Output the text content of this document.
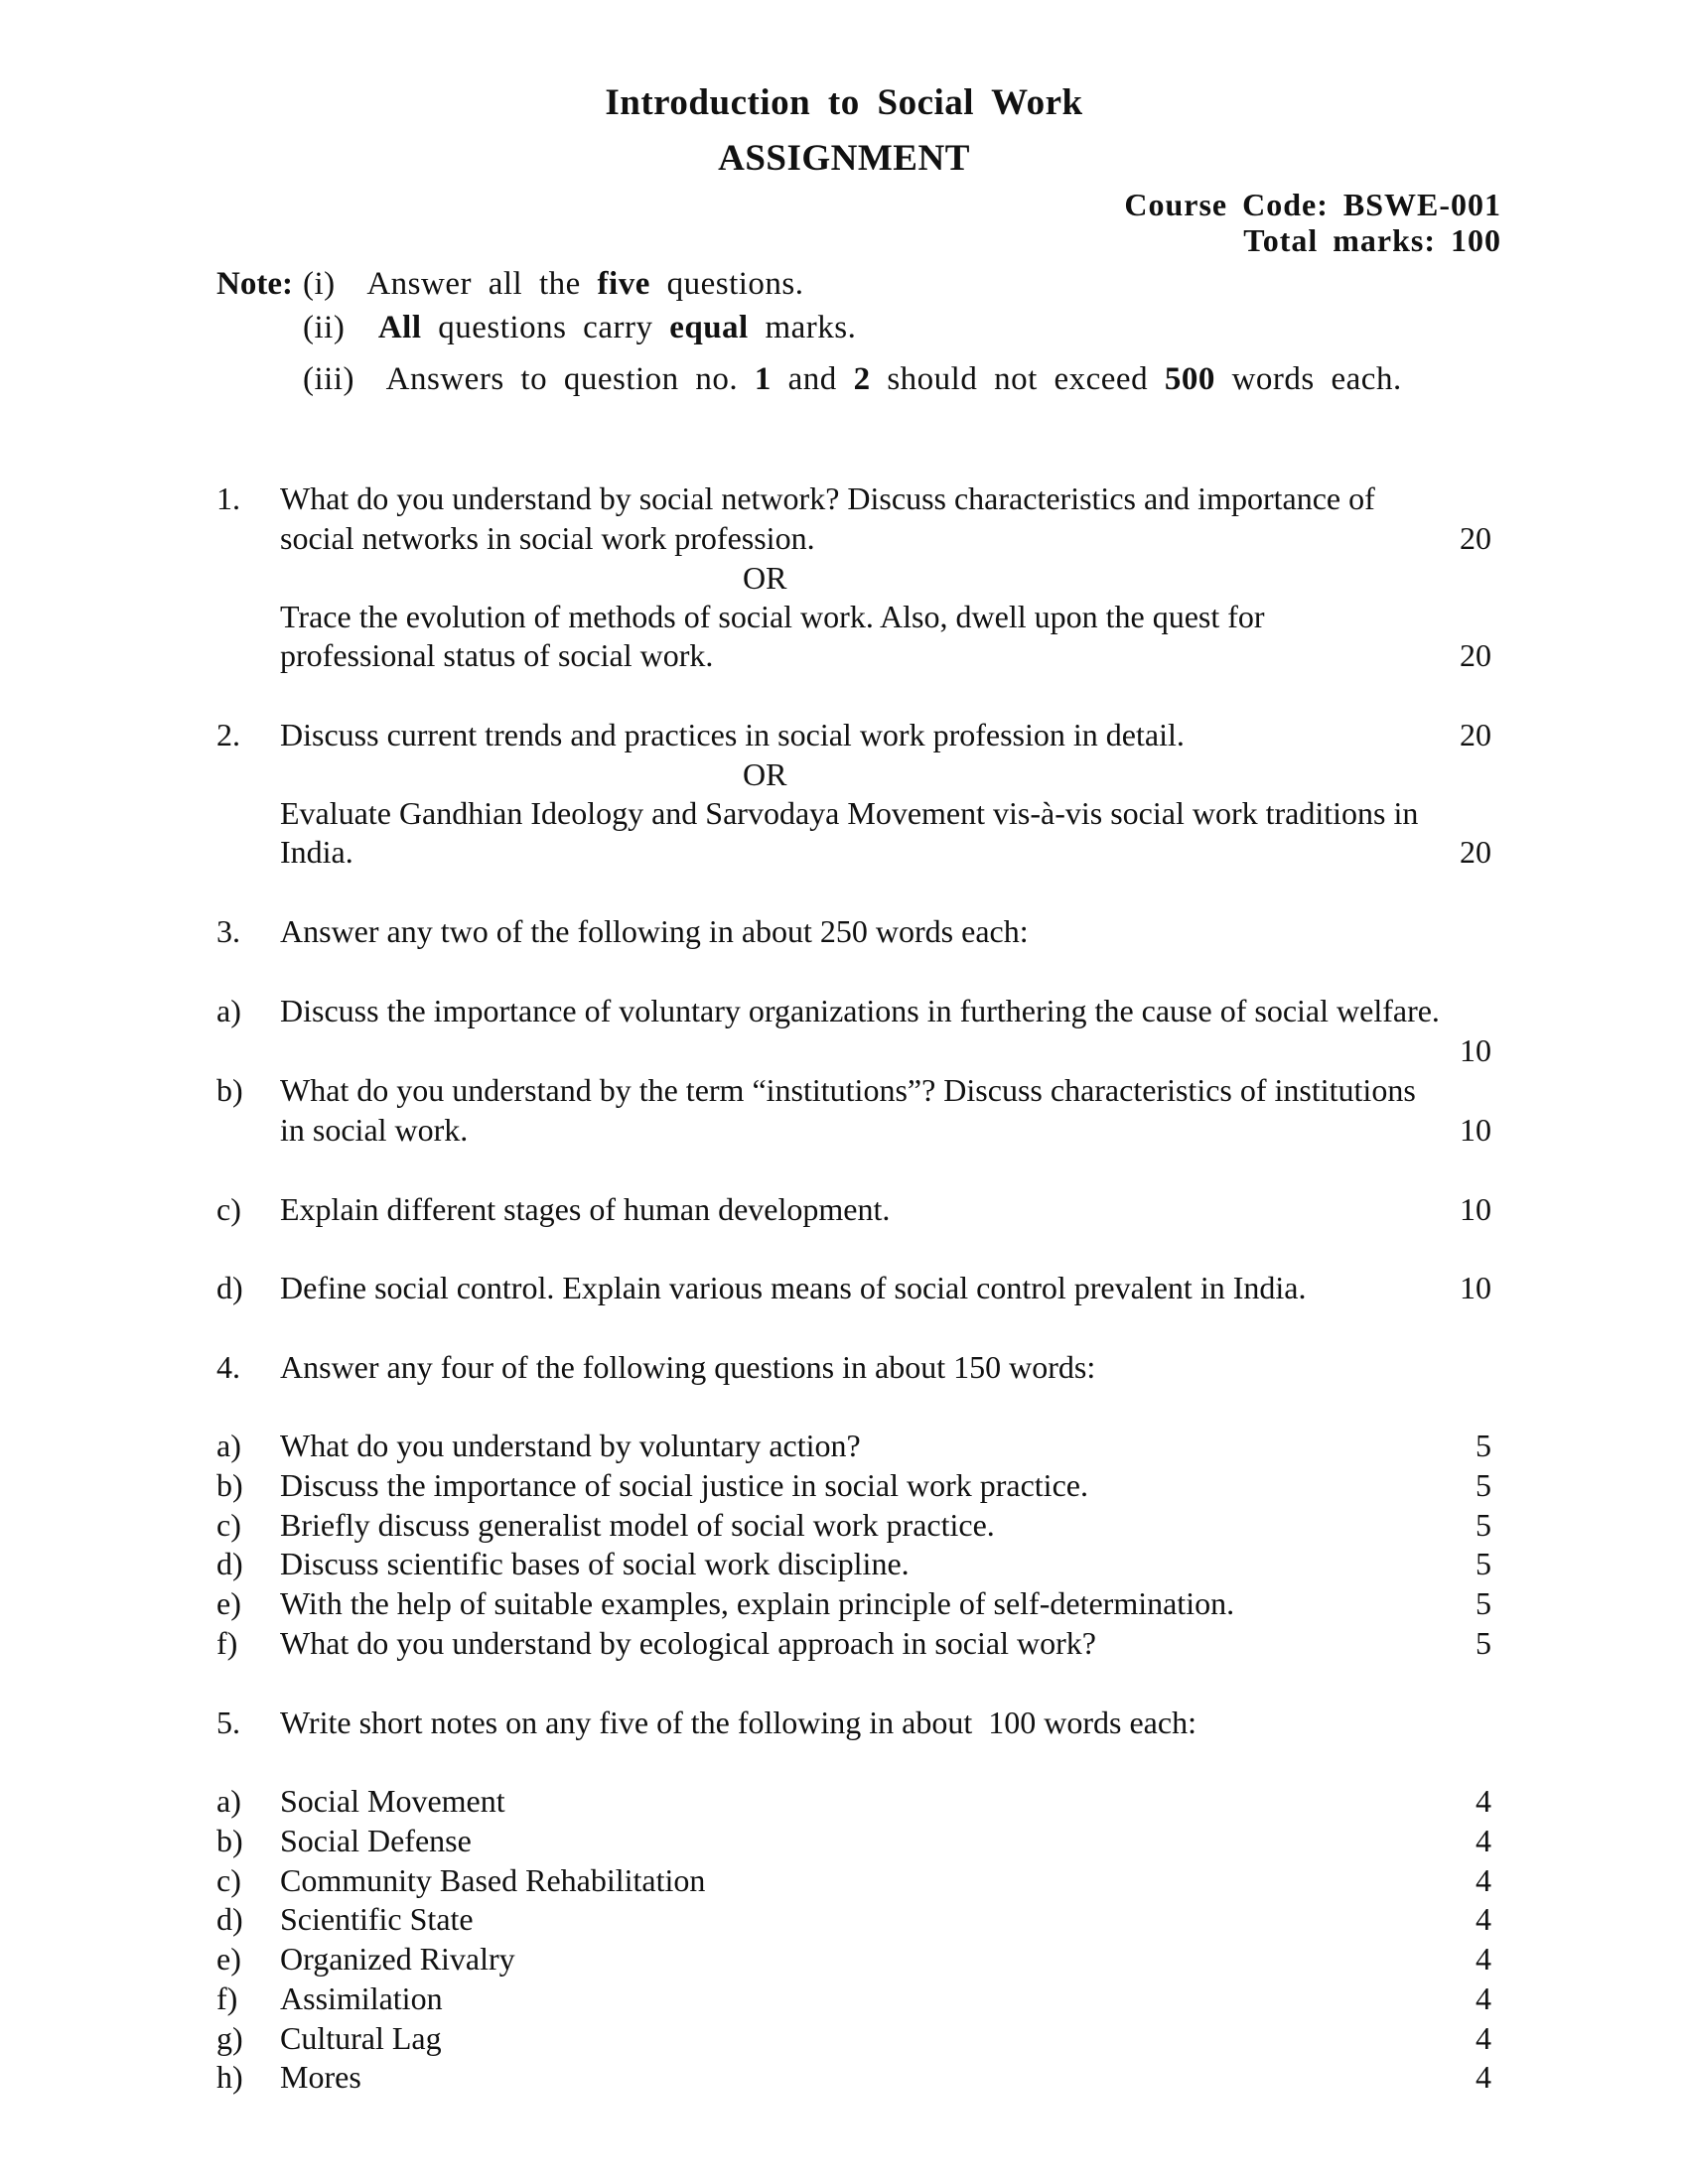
Introduction to Social Work
ASSIGNMENT
Course Code: BSWE-001
Total marks: 100
Note: (i) Answer all the five questions.
(ii) All questions carry equal marks.
(iii) Answers to question no. 1 and 2 should not exceed 500 words each.
1. What do you understand by social network? Discuss characteristics and importance of
social networks in social work profession.	20
OR
Trace the evolution of methods of social work. Also, dwell upon the quest for
professional status of social work.	20
2. Discuss current trends and practices in social work profession in detail.	20
OR
Evaluate Gandhian Ideology and Sarvodaya Movement vis-à-vis social work traditions in
India.	20
3. Answer any two of the following in about 250 words each:
a) Discuss the importance of voluntary organizations in furthering the cause of social welfare.
10
b) What do you understand by the term “institutions”? Discuss characteristics of institutions
in social work.	10
c) Explain different stages of human development.	10
d) Define social control. Explain various means of social control prevalent in India.	10
4. Answer any four of the following questions in about 150 words:
a) What do you understand by voluntary action?	5
b) Discuss the importance of social justice in social work practice.	5
c) Briefly discuss generalist model of social work practice.	5
d) Discuss scientific bases of social work discipline.	5
e) With the help of suitable examples, explain principle of self-determination.	5
f) What do you understand by ecological approach in social work?	5
5. Write short notes on any five of the following in about  100 words each:
a) Social Movement	4
b) Social Defense	4
c) Community Based Rehabilitation	4
d) Scientific State	4
e) Organized Rivalry	4
f) Assimilation	4
g) Cultural Lag	4
h) Mores	4
